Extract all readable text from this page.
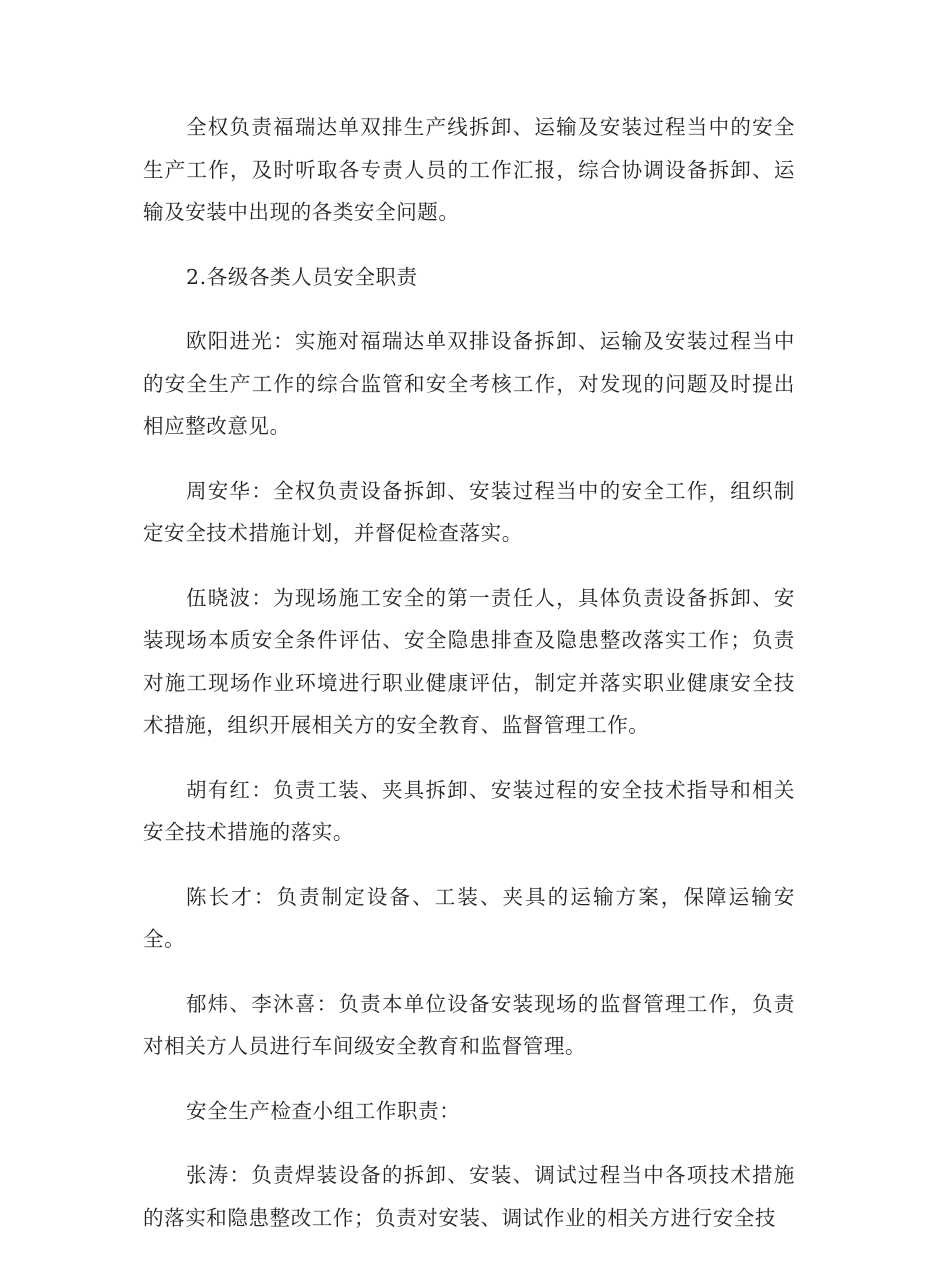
全权负责福瑞达单双排生产线拆卸、运输及安装过程当中的安全生产工作，及时听取各专责人员的工作汇报，综合协调设备拆卸、运输及安装中出现的各类安全问题。

2.各级各类人员安全职责

欧阳进光：实施对福瑞达单双排设备拆卸、运输及安装过程当中的安全生产工作的综合监管和安全考核工作，对发现的问题及时提出相应整改意见。

周安华：全权负责设备拆卸、安装过程当中的安全工作，组织制定安全技术措施计划，并督促检查落实。

伍晓波：为现场施工安全的第一责任人，具体负责设备拆卸、安装现场本质安全条件评估、安全隐患排查及隐患整改落实工作；负责对施工现场作业环境进行职业健康评估，制定并落实职业健康安全技术措施，组织开展相关方的安全教育、监督管理工作。

胡有红：负责工装、夹具拆卸、安装过程的安全技术指导和相关安全技术措施的落实。

陈长才：负责制定设备、工装、夹具的运输方案，保障运输安全。

郁炜、李沐喜：负责本单位设备安装现场的监督管理工作，负责对相关方人员进行车间级安全教育和监督管理。

安全生产检查小组工作职责：

张涛：负责焊装设备的拆卸、安装、调试过程当中各项技术措施的落实和隐患整改工作；负责对安装、调试作业的相关方进行安全技
